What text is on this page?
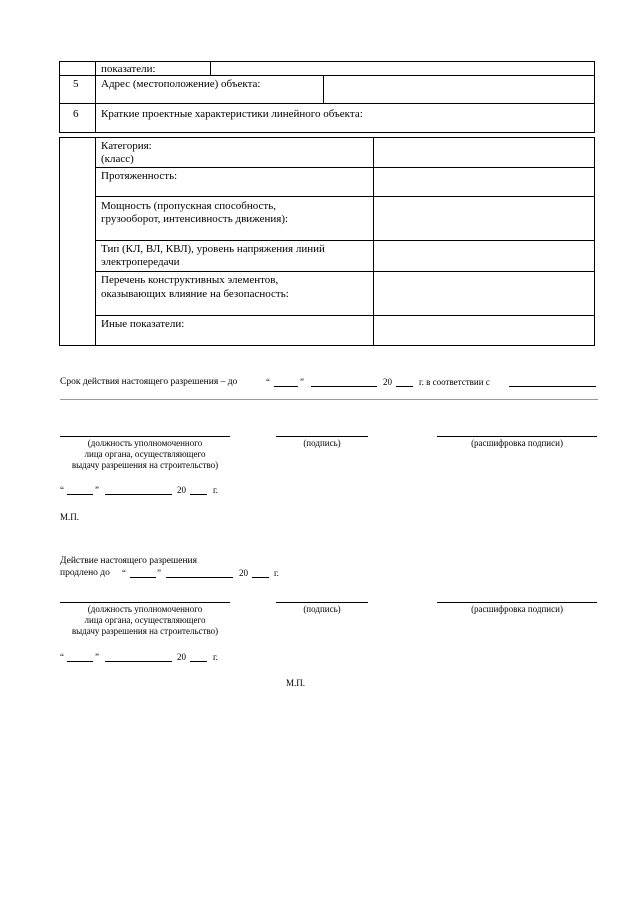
показатели:
5 Адрес (местоположение) объекта:
6 Краткие проектные характеристики линейного объекта:
Категория:
(класс)
Протяженность:
Мощность (пропускная способность,
грузооборот, интенсивность движения):
Тип (КЛ, ВЛ, КВЛ), уровень напряжения линий
электропередачи
Перечень конструктивных элементов,
оказывающих влияние на безопасность:
Иные показатели:
Срок действия настоящего разрешения – до	“	”	20	г. в соответствии с
(должность уполномоченного
лица органа, осуществляющего
выдачу разрешения на строительство)
(подпись)	(расшифровка подписи)
“	”	20	г.
М.П.
Действие настоящего разрешения
продлено до “	”	20	г.
(должность уполномоченного
лица органа, осуществляющего
выдачу разрешения на строительство)
(подпись)	(расшифровка подписи)
“	”	20	г.
М.П.
